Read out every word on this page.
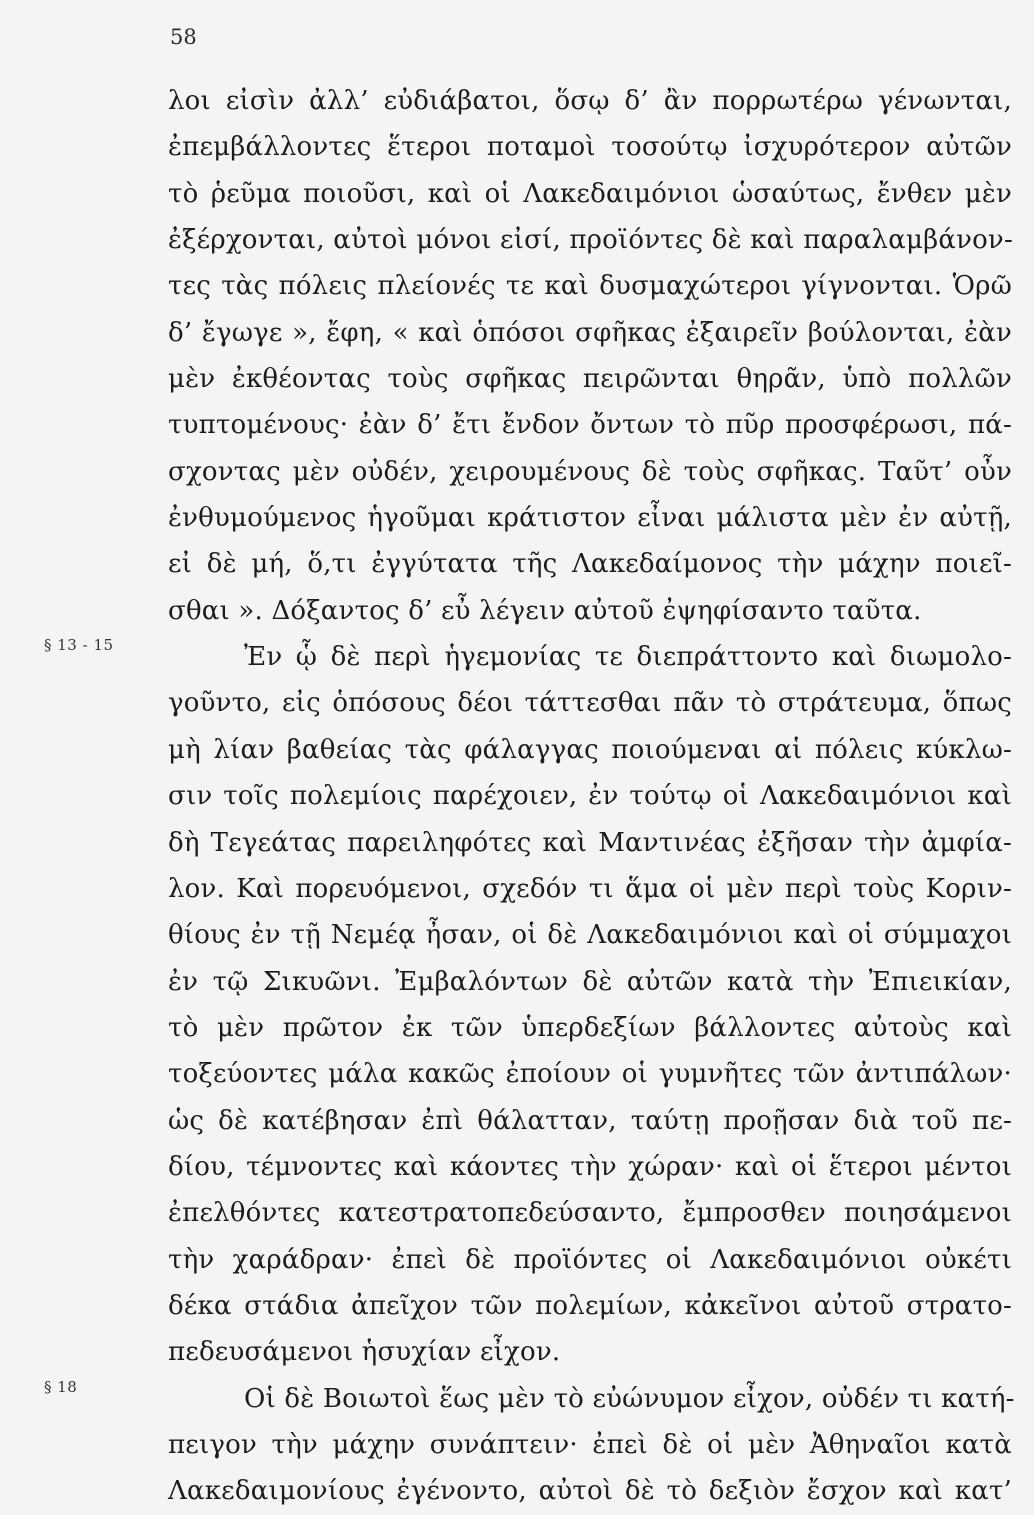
58
λοι εἰσὶν ἀλλ’ εὐδιάβατοι, ὅσῳ δ’ ἂν πορρωτέρω γένωνται,
ἐπεμβάλλοντες ἕτεροι ποταμοὶ τοσούτῳ ἰσχυρότερον αὐτῶν
τὸ ῥεῦμα ποιοῦσι, καὶ οἱ Λακεδαιμόνιοι ὡσαύτως, ἔνθεν μὲν
ἐξέρχονται, αὐτοὶ μόνοι εἰσί, προϊόντες δὲ καὶ παραλαμβάνον-
τες τὰς πόλεις πλείονές τε καὶ δυσμαχώτεροι γίγνονται. Ὁρῶ
δ’ ἔγωγε », ἔφη, « καὶ ὁπόσοι σφῆκας ἐξαιρεῖν βούλονται, ἐὰν
μὲν ἐκθέοντας τοὺς σφῆκας πειρῶνται θηρᾶν, ὑπὸ πολλῶν
τυπτομένους· ἐὰν δ’ ἔτι ἔνδον ὄντων τὸ πῦρ προσφέρωσι, πά-
σχοντας μὲν οὐδέν, χειρουμένους δὲ τοὺς σφῆκας. Ταῦτ’ οὖν
ἐνθυμούμενος ἡγοῦμαι κράτιστον εἶναι μάλιστα μὲν ἐν αὐτῇ,
εἰ δὲ μή, ὅ,τι ἐγγύτατα τῆς Λακεδαίμονος τὴν μάχην ποιεῖ-
σθαι ». Δόξαντος δ’ εὖ λέγειν αὐτοῦ ἐψηφίσαντο ταῦτα.
§ 13 - 15	Ἐν ᾧ δὲ περὶ ἡγεμονίας τε διεπράττοντο καὶ διωμολο-
γοῦντο, εἰς ὁπόσους δέοι τάττεσθαι πᾶν τὸ στράτευμα, ὅπως
μὴ λίαν βαθείας τὰς φάλαγγας ποιούμεναι αἱ πόλεις κύκλω-
σιν τοῖς πολεμίοις παρέχοιεν, ἐν τούτῳ οἱ Λακεδαιμόνιοι καὶ
δὴ Τεγεάτας παρειληφότες καὶ Μαντινέας ἐξῆσαν τὴν ἀμφία-
λον. Καὶ πορευόμενοι, σχεδόν τι ἅμα οἱ μὲν περὶ τοὺς Κοριν-
θίους ἐν τῇ Νεμέᾳ ἦσαν, οἱ δὲ Λακεδαιμόνιοι καὶ οἱ σύμμαχοι
ἐν τῷ Σικυῶνι. Ἐμβαλόντων δὲ αὐτῶν κατὰ τὴν Ἐπιεικίαν,
τὸ μὲν πρῶτον ἐκ τῶν ὑπερδεξίων βάλλοντες αὐτοὺς καὶ
τοξεύοντες μάλα κακῶς ἐποίουν οἱ γυμνῆτες τῶν ἀντιπάλων·
ὡς δὲ κατέβησαν ἐπὶ θάλατταν, ταύτῃ προῇσαν διὰ τοῦ πε-
δίου, τέμνοντες καὶ κάοντες τὴν χώραν· καὶ οἱ ἕτεροι μέντοι
ἐπελθόντες κατεστρατοπεδεύσαντο, ἔμπροσθεν ποιησάμενοι
τὴν χαράδραν· ἐπεὶ δὲ προϊόντες οἱ Λακεδαιμόνιοι οὐκέτι
δέκα στάδια ἀπεῖχον τῶν πολεμίων, κἀκεῖνοι αὐτοῦ στρατο-
πεδευσάμενοι ἡσυχίαν εἶχον.
§ 18	Οἱ δὲ Βοιωτοὶ ἕως μὲν τὸ εὐώνυμον εἶχον, οὐδέν τι κατή-
πειγον τὴν μάχην συνάπτειν· ἐπεὶ δὲ οἱ μὲν Ἀθηναῖοι κατὰ
Λακεδαιμονίους ἐγένοντο, αὐτοὶ δὲ τὸ δεξιὸν ἔσχον καὶ κατ’
